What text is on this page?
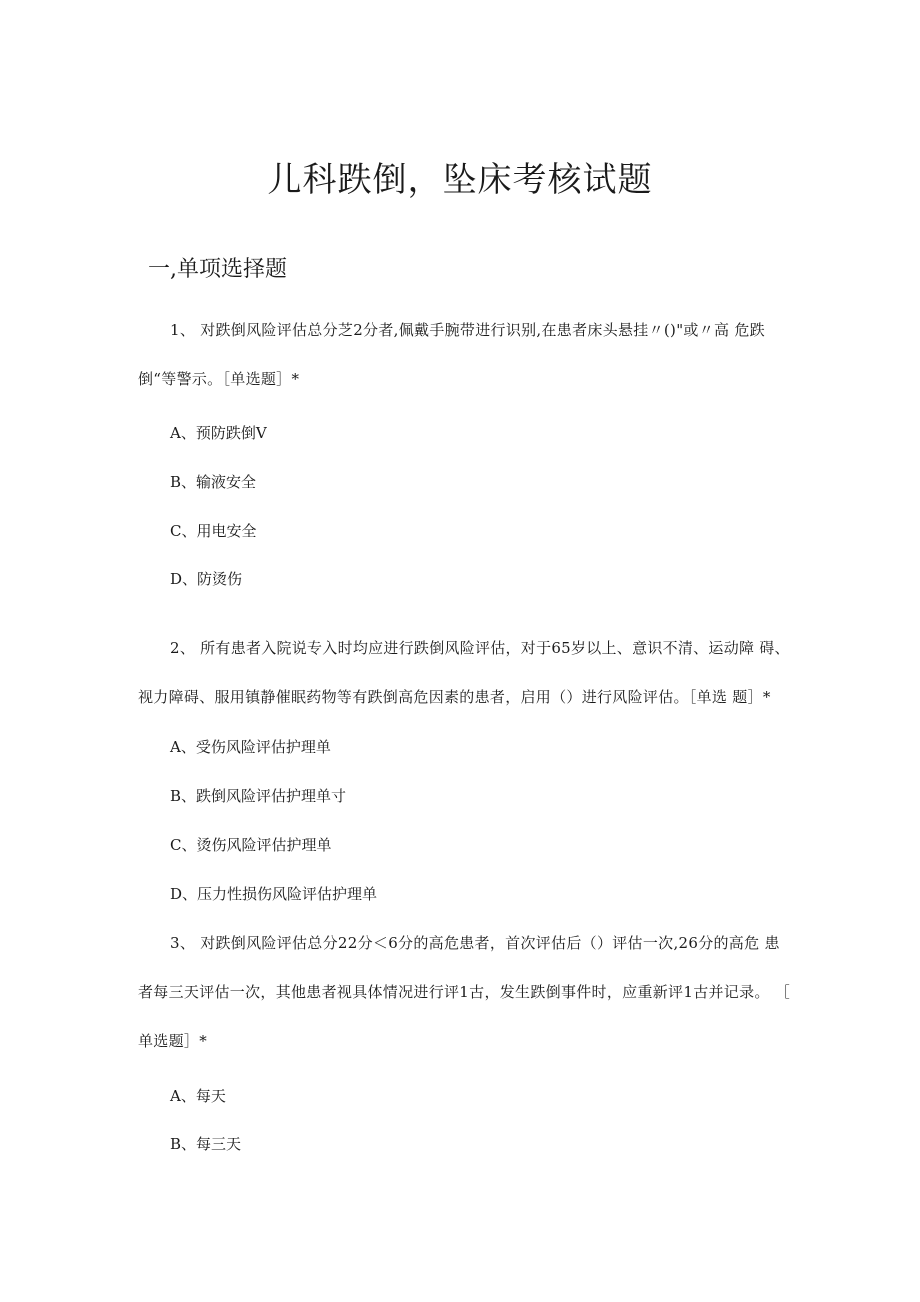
儿科跌倒，坠床考核试题
一,单项选择题
1、 对跌倒风险评估总分芝2分者,佩戴手腕带进行识别,在患者床头悬挂〃()"或〃高 危跌
倒“等警示。［单选题］*
A、预防跌倒V
B、输液安全
C、用电安全
D、防烫伤
2、 所有患者入院说专入时均应进行跌倒风险评估，对于65岁以上、意识不清、运动障 碍、
视力障碍、服用镇静催眠药物等有跌倒高危因素的患者，启用（）进行风险评估。［单选 题］*
A、受伤风险评估护理单
B、跌倒风险评估护理单寸
C、烫伤风险评估护理单
D、压力性损伤风险评估护理单
3、 对跌倒风险评估总分22分＜6分的高危患者，首次评估后（）评估一次,26分的高危 患
者每三天评估一次，其他患者视具体情况进行评1古，发生跌倒事件时，应重新评1古并记录。 ［
单选题］*
A、每天
B、每三天
